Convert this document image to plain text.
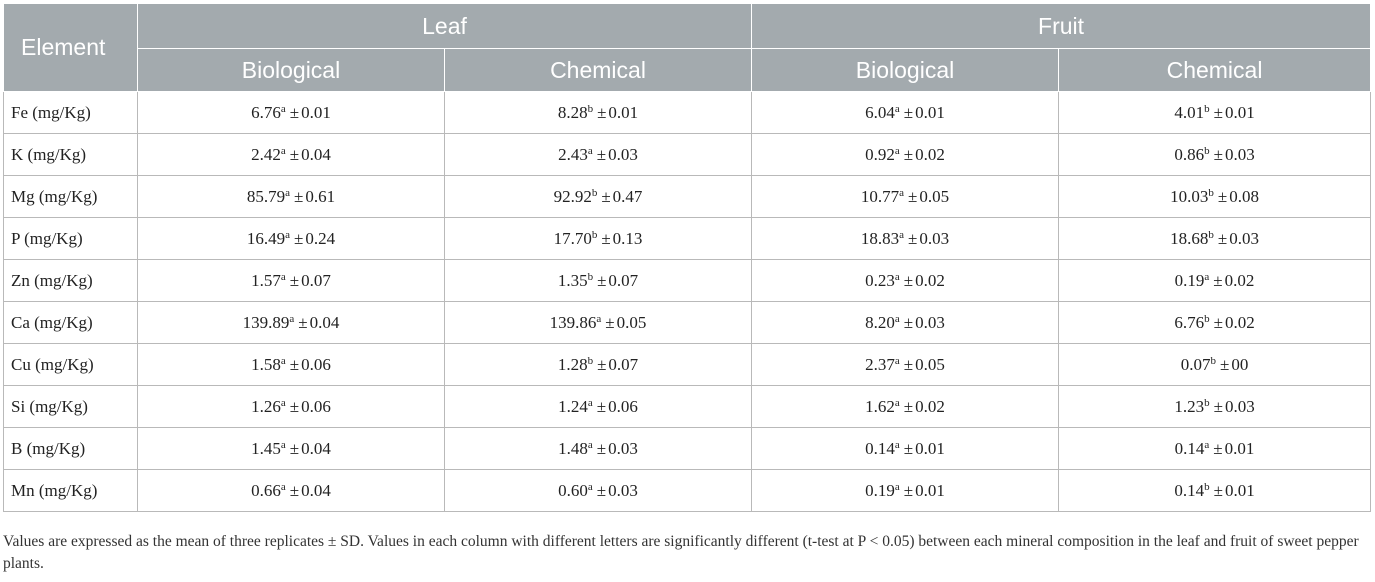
Element	Leaf		Fruit	
	Biological	Chemical	Biological	Chemical
Fe (mg/Kg)	6.76$^a$ ± 0.01	8.28$^b$ ± 0.01	6.04$^a$ ± 0.01	4.01$^b$ ± 0.01
K (mg/Kg)	2.42$^a$ ± 0.04	2.43$^a$ ± 0.03	0.92$^a$ ± 0.02	0.86$^b$ ± 0.03
Mg (mg/Kg)	85.79$^a$ ± 0.61	92.92$^b$ ± 0.47	10.77$^a$ ± 0.05	10.03$^b$ ± 0.08
P (mg/Kg)	16.49$^a$ ± 0.24	17.70$^b$ ± 0.13	18.83$^a$ ± 0.03	18.68$^b$ ± 0.03
Zn (mg/Kg)	1.57$^a$ ± 0.07	1.35$^b$ ± 0.07	0.23$^a$ ± 0.02	0.19$^a$ ± 0.02
Ca (mg/Kg)	139.89$^a$ ± 0.04	139.86$^a$ ± 0.05	8.20$^a$ ± 0.03	6.76$^b$ ± 0.02
Cu (mg/Kg)	1.58$^a$ ± 0.06	1.28$^b$ ± 0.07	2.37$^a$ ± 0.05	0.07$^b$ ± 00
Si (mg/Kg)	1.26$^a$ ± 0.06	1.24$^a$ ± 0.06	1.62$^a$ ± 0.02	1.23$^b$ ± 0.03
B (mg/Kg)	1.45$^a$ ± 0.04	1.48$^a$ ± 0.03	0.14$^a$ ± 0.01	0.14$^a$ ± 0.01
Mn (mg/Kg)	0.66$^a$ ± 0.04	0.60$^a$ ± 0.03	0.19$^a$ ± 0.01	0.14$^b$ ± 0.01
Values are expressed as the mean of three replicates ± SD. Values in each column with different letters are significantly different (t-test at P < 0.05) between each mineral composition in the leaf and fruit of sweet pepper plants.
